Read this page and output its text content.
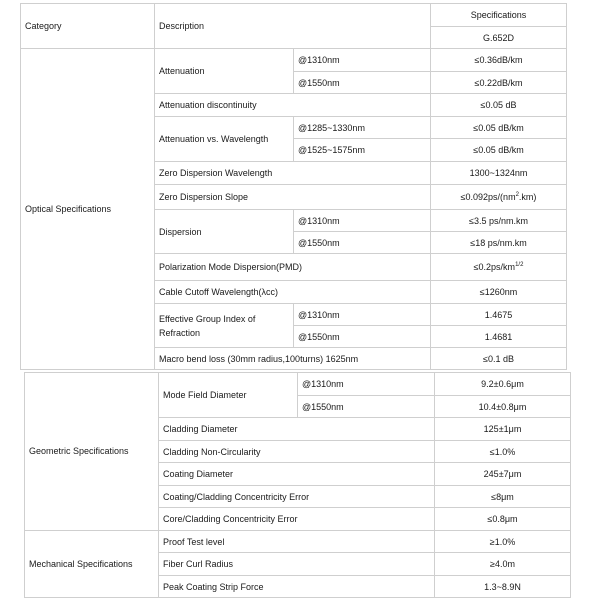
Category	Description		Specifications
			G.652D
Optical Specifications	Attenuation	@1310nm	≤0.36dB/km
		@1550nm	≤0.22dB/km
	Attenuation discontinuity		≤0.05 dB
	Attenuation vs. Wavelength	@1285~1330nm	≤0.05 dB/km
		@1525~1575nm	≤0.05 dB/km
	Zero Dispersion Wavelength		1300~1324nm
	Zero Dispersion Slope		$\le 0.092ps/(nm^2.km)$
	Dispersion	@1310nm	≤3.5 ps/nm.km
		@1550nm	≤18 ps/nm.km
	Polarization Mode Dispersion(PMD)		$\le 0.2ps/km^{1/2}$
	Cable Cutoff Wavelength(λcc)		≤1260nm
	Effective Group Index of Refraction	@1310nm	1.4675
		@1550nm	1.4681
	Macro bend loss (30mm radius,100turns) 1625nm		≤0.1 dB
Geometric Specifications	Mode Field Diameter	@1310nm	9.2±0.6μm
		@1550nm	10.4±0.8μm
	Cladding Diameter		125±1μm
	Cladding Non-Circularity		≤1.0%
	Coating Diameter		245±7μm
	Coating/Cladding Concentricity Error		≤8μm
	Core/Cladding Concentricity Error		≤0.8μm
Mechanical Specifications	Proof Test level		≥1.0%
	Fiber Curl Radius		≥4.0m
	Peak Coating Strip Force		1.3~8.9N
